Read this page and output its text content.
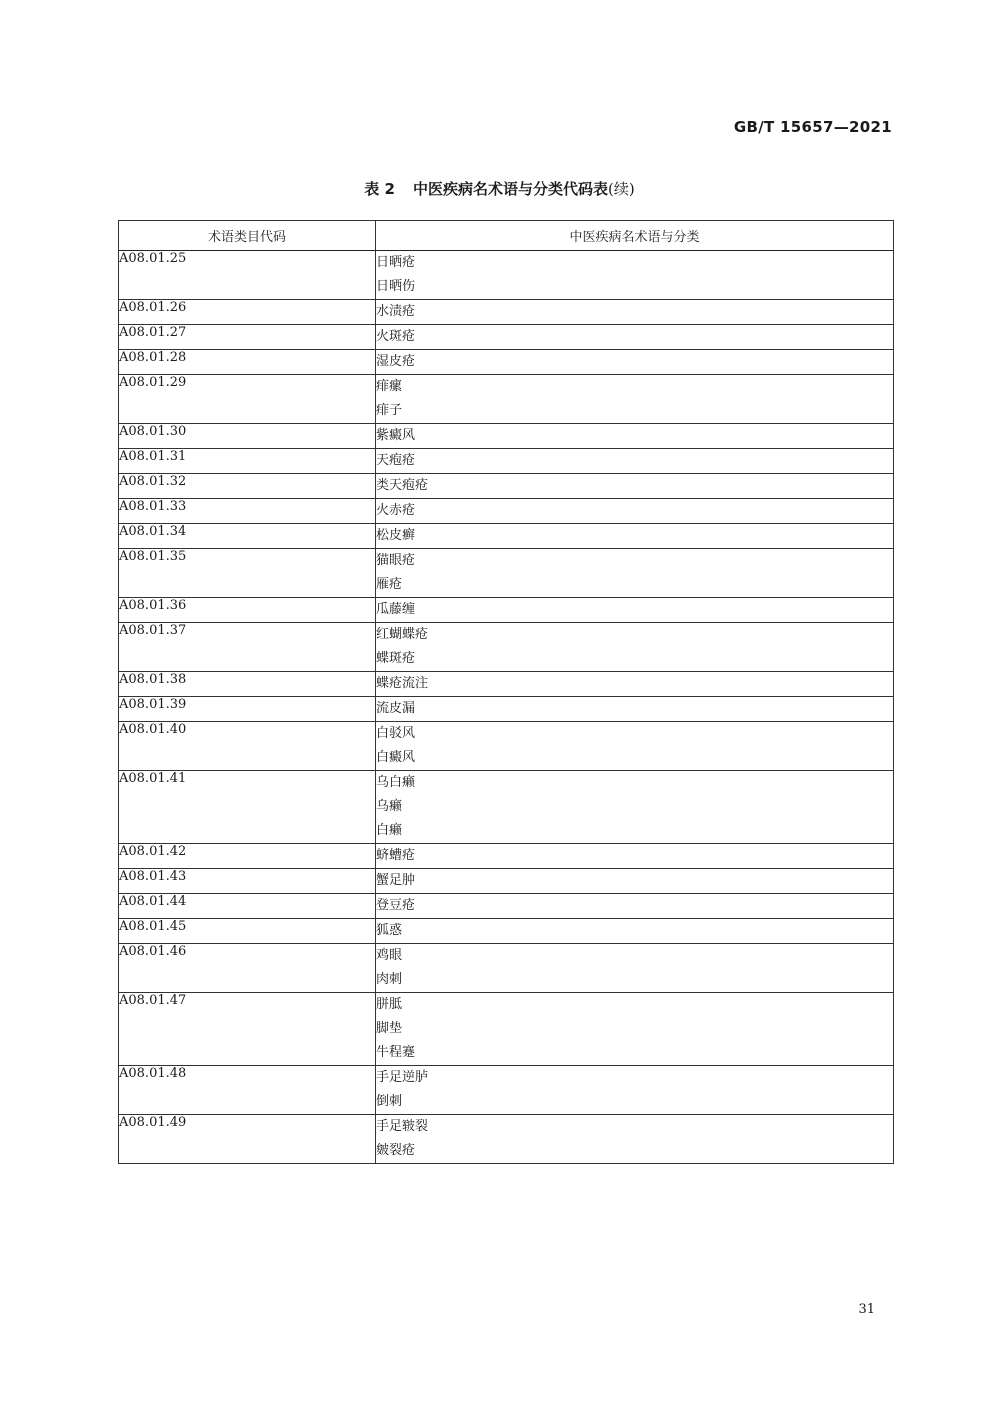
GB/T 15657—2021
表 2 中医疾病名术语与分类代码表(续)
术语类目代码	中医疾病名术语与分类
A08.01.25	日晒疮
日晒伤

A08.01.26	水渍疮

A08.01.27	火斑疮

A08.01.28	湿皮疮

A08.01.29	痱瘰
痱子

A08.01.30	紫癜风

A08.01.31	天疱疮

A08.01.32	类天疱疮

A08.01.33	火赤疮

A08.01.34	松皮癣

A08.01.35	猫眼疮
雁疮

A08.01.36	瓜藤缠

A08.01.37	红蝴蝶疮
蝶斑疮

A08.01.38	蝶疮流注

A08.01.39	流皮漏

A08.01.40	白驳风
白癜风

A08.01.41	乌白癞
乌癞
白癞

A08.01.42	蛴螬疮

A08.01.43	蟹足肿

A08.01.44	登豆疮

A08.01.45	狐惑

A08.01.46	鸡眼
肉刺

A08.01.47	胼胝
脚垫
牛程蹇

A08.01.48	手足逆胪
倒刺

A08.01.49	手足皲裂
皴裂疮
31
